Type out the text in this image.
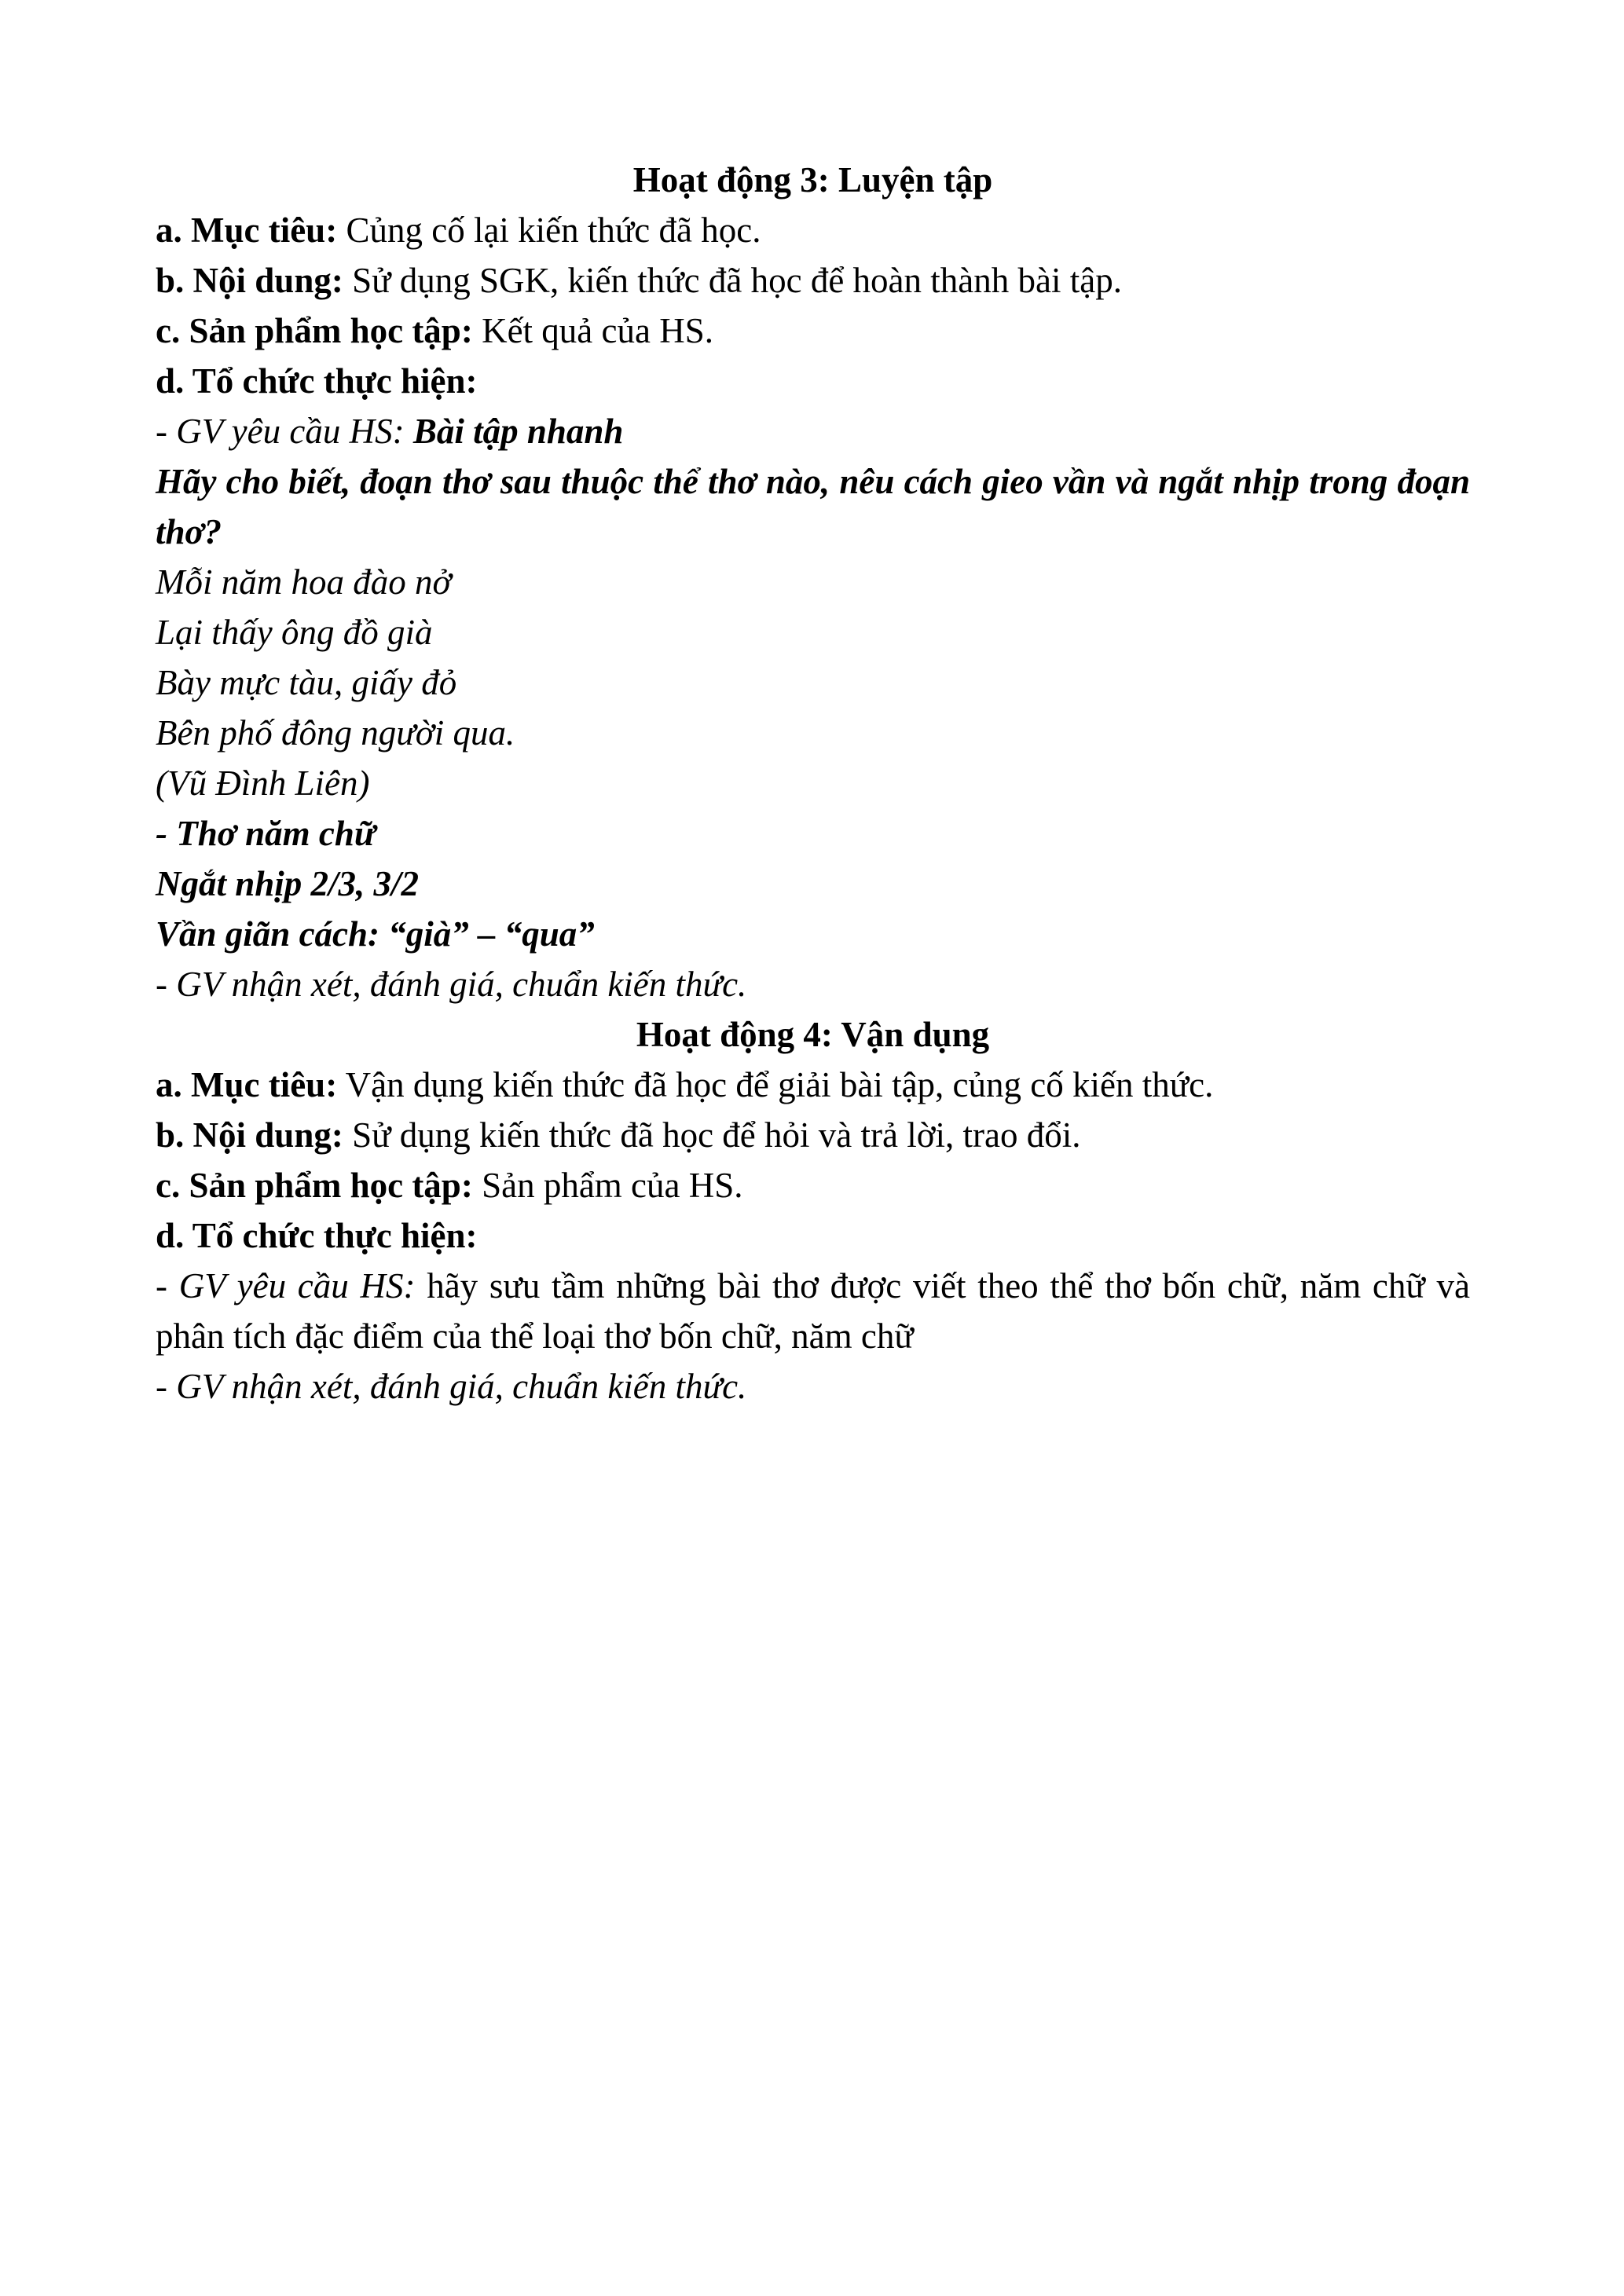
Hoạt động 3: Luyện tập

a. Mục tiêu: Củng cố lại kiến thức đã học.

b. Nội dung: Sử dụng SGK, kiến thức đã học để hoàn thành bài tập.

c. Sản phẩm học tập: Kết quả của HS.

d. Tổ chức thực hiện:

- GV yêu cầu HS: Bài tập nhanh

Hãy cho biết, đoạn thơ sau thuộc thể thơ nào, nêu cách gieo vần và ngắt nhịp trong đoạn thơ?

Mỗi năm hoa đào nở

Lại thấy ông đồ già

Bày mực tàu, giấy đỏ

Bên phố đông người qua.

(Vũ Đình Liên)

- Thơ năm chữ

Ngắt nhịp 2/3, 3/2

Vần giãn cách: “già” – “qua”

- GV nhận xét, đánh giá, chuẩn kiến thức.

Hoạt động 4: Vận dụng

a. Mục tiêu: Vận dụng kiến thức đã học để giải bài tập, củng cố kiến thức.

b. Nội dung: Sử dụng kiến thức đã học để hỏi và trả lời, trao đổi.

c. Sản phẩm học tập: Sản phẩm của HS.

d. Tổ chức thực hiện:

- GV yêu cầu HS: hãy sưu tầm những bài thơ được viết theo thể thơ bốn chữ, năm chữ và phân tích đặc điểm của thể loại thơ bốn chữ, năm chữ

- GV nhận xét, đánh giá, chuẩn kiến thức.
